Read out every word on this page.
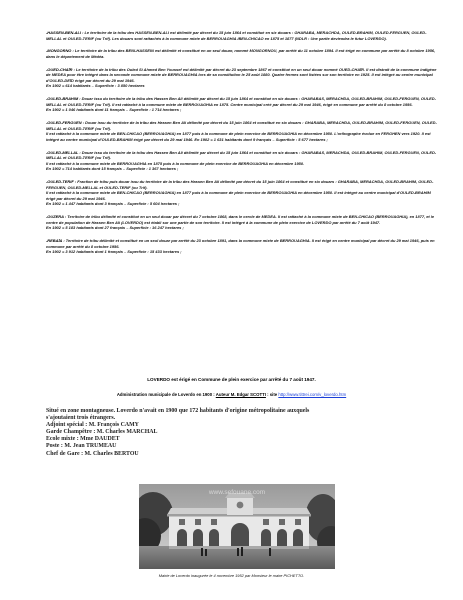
-HASSEN-BEN-ALI : Le territoire de la tribu des HASSEN-BEN-ALI est délimité par décret du 15 juin 1864 et constitué en six douars : GHARABA, MERACHDA, OULED-BRAHIM, OULED-FERGUEN, OULED-MELLAL et OULED-TERIF (ou Trif). Les douars sont rattachés à la commune mixte de BERROUAGHIA /BEN-CHICAO en 1875 et 1877 (NDLR : Une partie deviendra le futur LOVERDO).

-MONGORNO : Le territoire de la tribu des BENI-HASSEIN est délimité et constitué en un seul douar, nommé MONGORNOU, par arrêté du 11 octobre 1894. Il est érigé en commune par arrêté du 8 octobre 1956, dans le département de Médéa.

-OUED-CHAÏR : Le territoire de la tribu des Ouled Si Ahmed Ben Youssef est délimité par décret du 23 septembre 1867 et constitué en un seul douar nommé OUED-CHAÏR. Il est distrait de la commune indigène de MEDEA pour être intégré dans la seconde commune mixte de BERROUAGHIA lors de sa constitution le 25 août 1880. Quatre fermes sont listées sur son territoire en 1925. Il est intégré au centre municipal d'OULED-DEÏD érigé par décret du 29 mai 1946.
En 1902 = 614 habitants – Superficie : 3 850 hectares

-OULED-BRAHIM : Douar issu du territoire de la tribu des Hassen Ben Ali délimité par décret du 15 juin 1864 et constitué en six douars : GHARABAS, MERACHDA, OULED-BRAHIM, OULED-FERGUEN, OULED-MELLAL et OULED-TERIF (ou Trif). Il est rattaché à la commune mixte de BERROUAGHIA en 1875. Centre municipal créé par décret du 29 mai 1946, érigé en commune par arrêté du 8 octobre 1956.
En 1902 = 1 046 habitants dont 11 français – Superficie : 1 714 hectares ;

-OULED-FERGUEN : Douar issu du territoire de la tribu des Hassen Ben Ali délimité par décret du 15 juin 1864 et constitué en six douars : GHARABA, MERACHDA, OULED-BRAHIM, OULED-FERGUEN, OULED-MELLAL et OULED-TERIF (ou Trif).
Il est rattaché à la commune mixte de BEN-CHICAO (BERROUAGHIA) en 1877 puis à la commune de plein exercice de BERROUAGHIA en décembre 1950. L'orthographe évolue en FERGHEN vers 1920. Il est intégré au centre municipal d'OULED-BRAHIM érigé par décret du 29 mai 1946. En 1902 = 1 631 habitants dont 9 français – Superficie : 5 677 hectares ;

-OULED-MELLAL : Douar issu du territoire de la tribu des Hassen Ben Ali délimité par décret du 15 juin 1864 et constitué en six douars : GHARABAS, MERACHDA, OULED-BRAHIM, OULED-FERGUEN, OULED-MELLAL et OULED-TERIF (ou Trif).
Il est rattaché à la commune mixte de BERROUAGHIA en 1875 puis à la commune de plein exercice de BERROUAGHIA en décembre 1950.
En 1902 = 714 habitants dont 15 français – Superficie : 1 367 hectares ;

-OULED-TERIF : Fraction de tribu puis douar issu du territoire de la tribu des Hassen Ben Ali délimité par décret du 15 juin 1864 et constitué en six douars : GHARABA, MERACHDA, OULED-BRAHIM, OULED-FERGUEN, OULED-MELLAL et OULED-TERIF (ou Trif).
Il est rattaché à la commune mixte de BEN-CHICAO (BERROUAGHIA) en 1877 puis à la commune de plein exercice de BERROUAGHIA en décembre 1950. Il est intégré au centre municipal d'OULED-BRAHIM érigé par décret du 29 mai 1946.
En 1902 = 1 447 habitants dont 3 français – Superficie : 5 604 hectares ;

-OUZERA : Territoire de tribu délimité et constitué en un seul douar par décret du 7 octobre 1868, dans le cercle de MEDEA. Il est rattaché à la commune mixte de BEN-CHICAO (BERROUAGHIA), en 1877, et le centre de population de Hassen Ben Ali (LOVERDO) est établi sur une partie de son territoire. Il est intégré à la commune de plein exercice de LOVERDO par arrêté du 7 août 1947.
En 1902 = 5 183 habitants dont 27 français – Superficie : 16 247 hectares ;

-REBAÏA : Territoire de tribu délimité et constitué en un seul douar par arrêté du 23 octobre 1891, dans la commune mixte de BERROUAGHIA. Il est érigé en centre municipal par décret du 29 mai 1946, puis en commune par arrêté du 8 octobre 1956.
En 1902 = 3 912 habitants dont 1 français – Superficie : 15 433 hectares ;

LOVERDO est érigé en Commune de plein exercice par arrêté du 7 août 1947.
Administration municipale de Loverdo en 1900 : Auteur M. Edgar SCOTTI : site http://www.tittrei.com/v_loverdo.htm
Situé en zone montagneuse. Loverdo n'avait en 1900 que 172 habitants d'origine métropolitaine auxquels
s'ajoutaient trois étrangers.
Adjoint spécial : M. François CAMY
Garde Champêtre : M. Charles MARCHAL
Ecole mixte : Mme DAUDET
Poste : M. Jean TRUMEAU
Chef de Gare : M. Charles BERTOU
www.sefouane.com
Mairie de Loverdo inaugurée le 4 novembre 1952 par Monsieur le maire PICHETTO.
